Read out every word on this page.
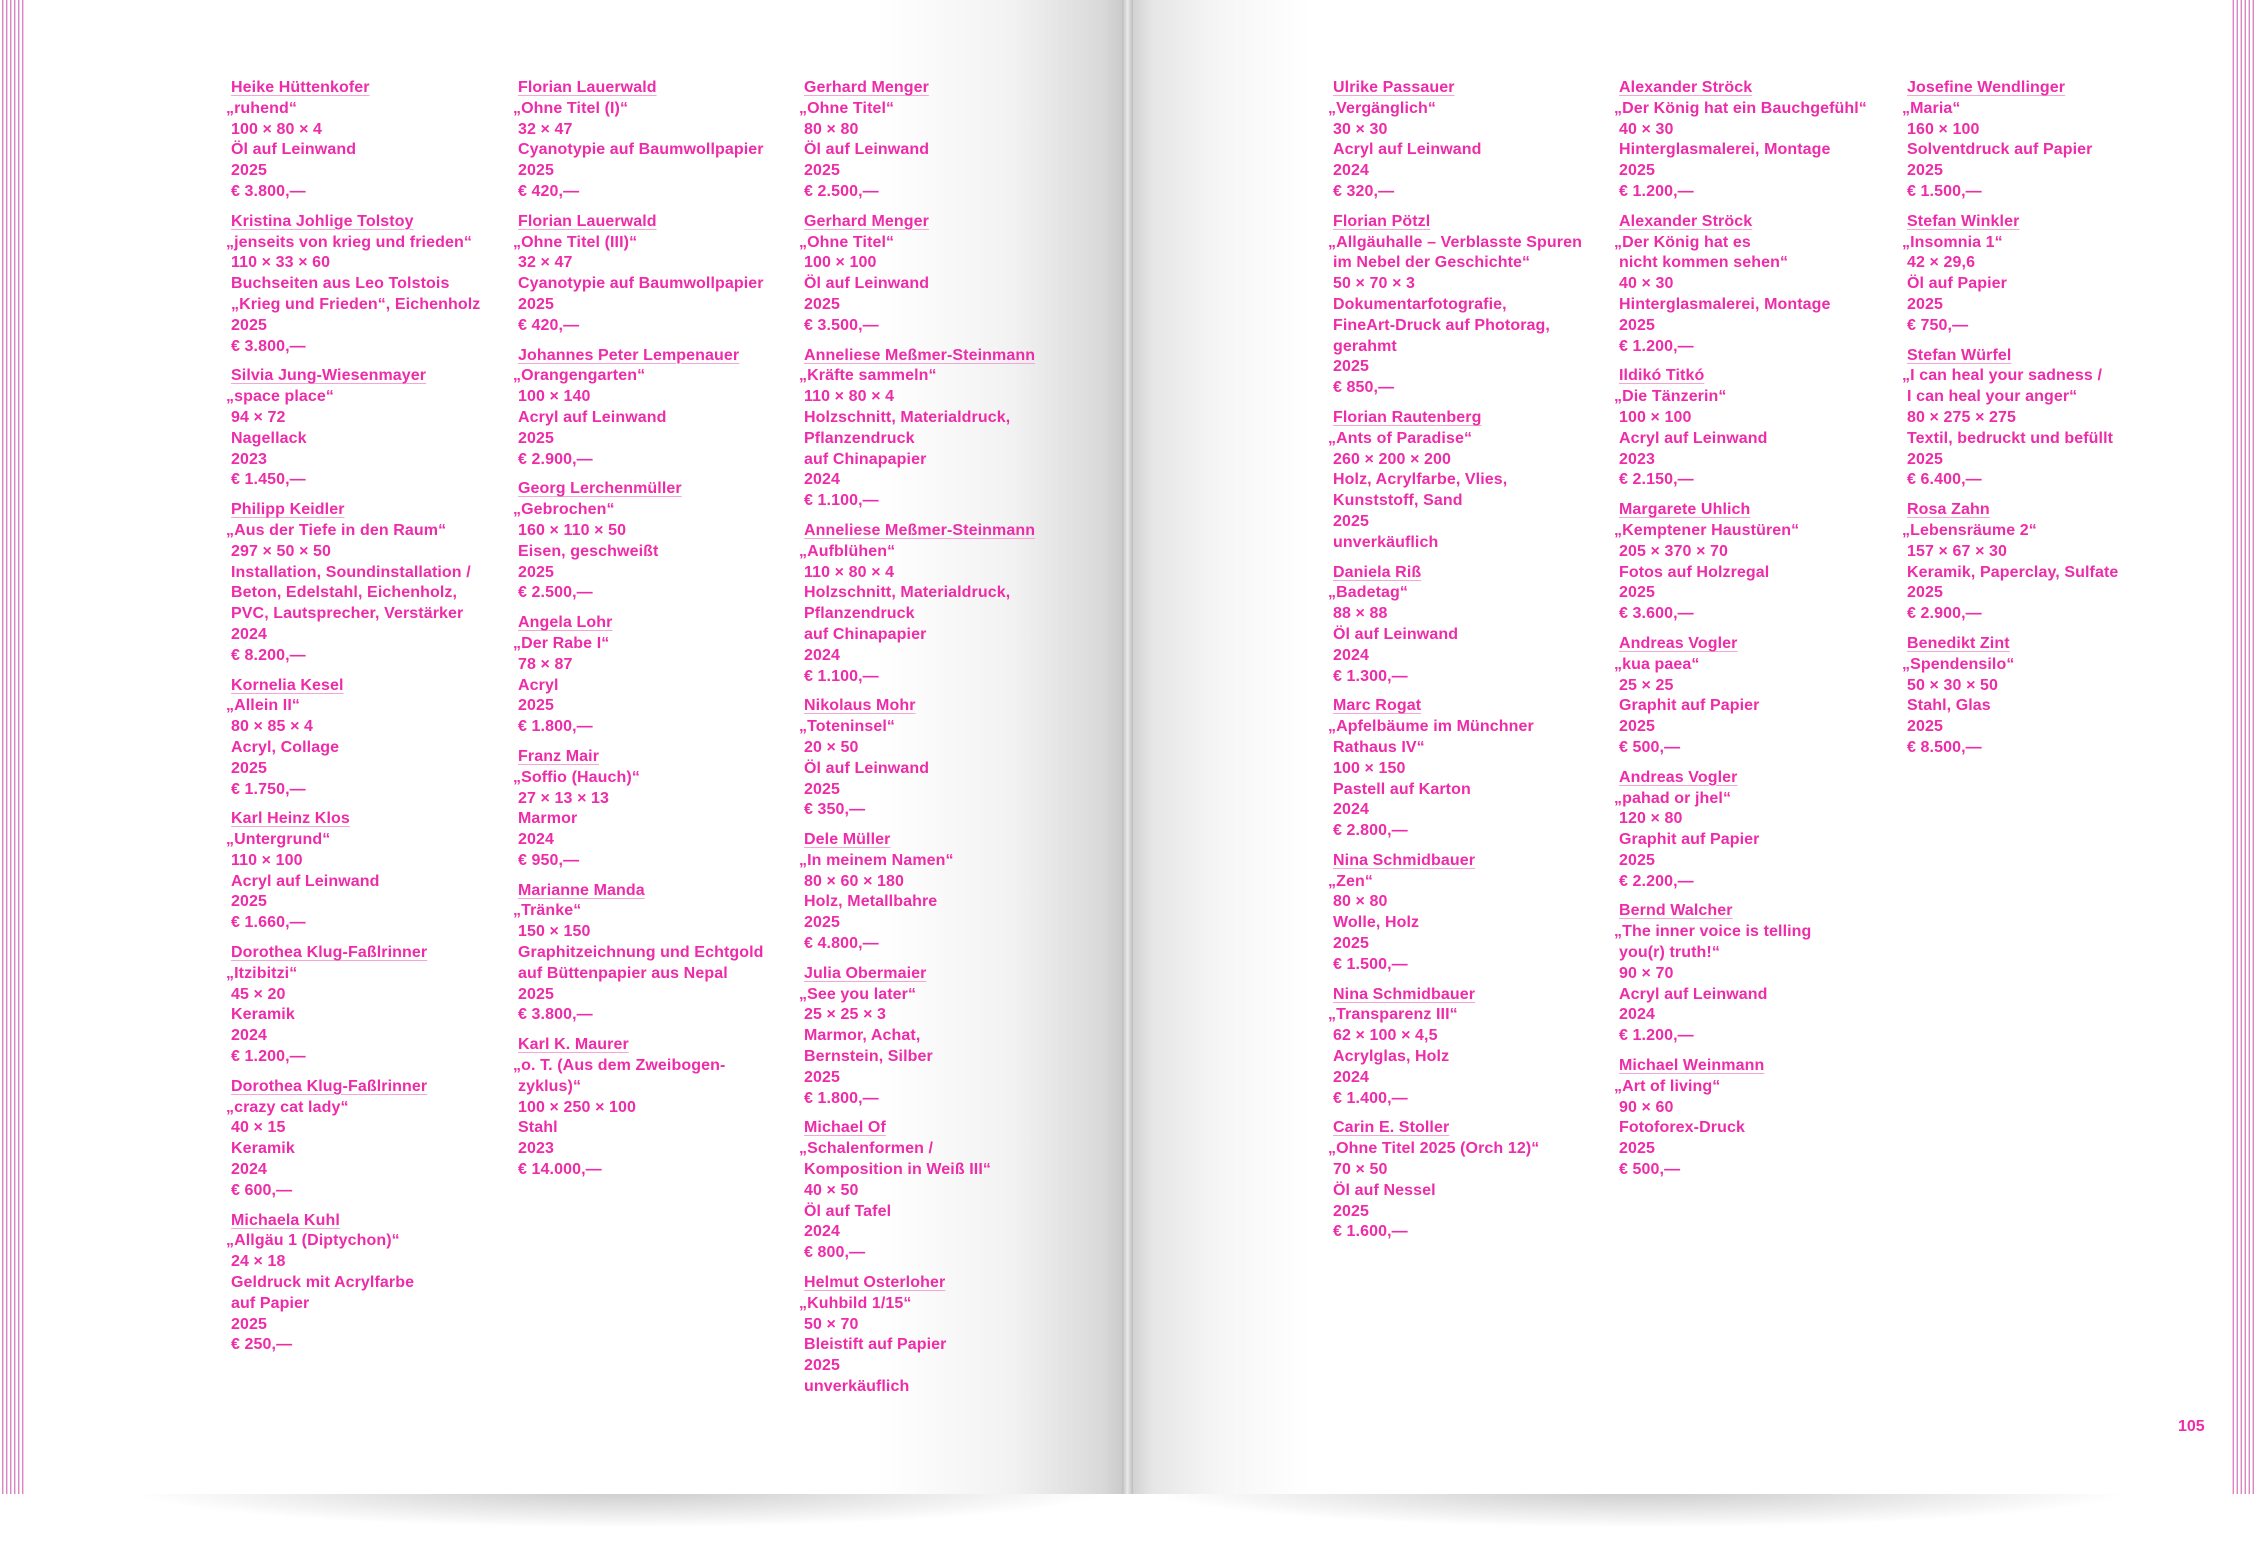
Heike Hüttenkofer
„ruhend“
100 × 80 × 4
Öl auf Leinwand
2025
€ 3.800,—
Kristina Johlige Tolstoy
„jenseits von krieg und frieden“
110 × 33 × 60
Buchseiten aus Leo Tolstois
„Krieg und Frieden“, Eichenholz
2025
€ 3.800,—
Silvia Jung-Wiesenmayer
„space place“
94 × 72
Nagellack
2023
€ 1.450,—
Philipp Keidler
„Aus der Tiefe in den Raum“
297 × 50 × 50
Installation, Soundinstallation /
Beton, Edelstahl, Eichenholz,
PVC, Lautsprecher, Verstärker
2024
€ 8.200,—
Kornelia Kesel
„Allein II“
80 × 85 × 4
Acryl, Collage
2025
€ 1.750,—
Karl Heinz Klos
„Untergrund“
110 × 100
Acryl auf Leinwand
2025
€ 1.660,—
Dorothea Klug-Faßlrinner
„Itzibitzi“
45 × 20
Keramik
2024
€ 1.200,—
Dorothea Klug-Faßlrinner
„crazy cat lady“
40 × 15
Keramik
2024
€ 600,—
Michaela Kuhl
„Allgäu 1 (Diptychon)“
24 × 18
Geldruck mit Acrylfarbe
auf Papier
2025
€ 250,—
Florian Lauerwald
„Ohne Titel (I)“
32 × 47
Cyanotypie auf Baumwollpapier
2025
€ 420,—
Florian Lauerwald
„Ohne Titel (III)“
32 × 47
Cyanotypie auf Baumwollpapier
2025
€ 420,—
Johannes Peter Lempenauer
„Orangengarten“
100 × 140
Acryl auf Leinwand
2025
€ 2.900,—
Georg Lerchenmüller
„Gebrochen“
160 × 110 × 50
Eisen, geschweißt
2025
€ 2.500,—
Angela Lohr
„Der Rabe I“
78 × 87
Acryl
2025
€ 1.800,—
Franz Mair
„Soffio (Hauch)“
27 × 13 × 13
Marmor
2024
€ 950,—
Marianne Manda
„Tränke“
150 × 150
Graphitzeichnung und Echtgold
auf Büttenpapier aus Nepal
2025
€ 3.800,—
Karl K. Maurer
„o. T. (Aus dem Zweibogen-
zyklus)“
100 × 250 × 100
Stahl
2023
€ 14.000,—
Gerhard Menger
„Ohne Titel“
80 × 80
Öl auf Leinwand
2025
€ 2.500,—
Gerhard Menger
„Ohne Titel“
100 × 100
Öl auf Leinwand
2025
€ 3.500,—
Anneliese Meßmer-Steinmann
„Kräfte sammeln“
110 × 80 × 4
Holzschnitt, Materialdruck,
Pflanzendruck
auf Chinapapier
2024
€ 1.100,—
Anneliese Meßmer-Steinmann
„Aufblühen“
110 × 80 × 4
Holzschnitt, Materialdruck,
Pflanzendruck
auf Chinapapier
2024
€ 1.100,—
Nikolaus Mohr
„Toteninsel“
20 × 50
Öl auf Leinwand
2025
€ 350,—
Dele Müller
„In meinem Namen“
80 × 60 × 180
Holz, Metallbahre
2025
€ 4.800,—
Julia Obermaier
„See you later“
25 × 25 × 3
Marmor, Achat,
Bernstein, Silber
2025
€ 1.800,—
Michael Of
„Schalenformen /
Komposition in Weiß III“
40 × 50
Öl auf Tafel
2024
€ 800,—
Helmut Osterloher
„Kuhbild 1/15“
50 × 70
Bleistift auf Papier
2025
unverkäuflich
Ulrike Passauer
„Vergänglich“
30 × 30
Acryl auf Leinwand
2024
€ 320,—
Florian Pötzl
„Allgäuhalle – Verblasste Spuren
im Nebel der Geschichte“
50 × 70 × 3
Dokumentarfotografie,
FineArt-Druck auf Photorag,
gerahmt
2025
€ 850,—
Florian Rautenberg
„Ants of Paradise“
260 × 200 × 200
Holz, Acrylfarbe, Vlies,
Kunststoff, Sand
2025
unverkäuflich
Daniela Riß
„Badetag“
88 × 88
Öl auf Leinwand
2024
€ 1.300,—
Marc Rogat
„Apfelbäume im Münchner
Rathaus IV“
100 × 150
Pastell auf Karton
2024
€ 2.800,—
Nina Schmidbauer
„Zen“
80 × 80
Wolle, Holz
2025
€ 1.500,—
Nina Schmidbauer
„Transparenz III“
62 × 100 × 4,5
Acrylglas, Holz
2024
€ 1.400,—
Carin E. Stoller
„Ohne Titel 2025 (Orch 12)“
70 × 50
Öl auf Nessel
2025
€ 1.600,—
Alexander Ströck
„Der König hat ein Bauchgefühl“
40 × 30
Hinterglasmalerei, Montage
2025
€ 1.200,—
Alexander Ströck
„Der König hat es
nicht kommen sehen“
40 × 30
Hinterglasmalerei, Montage
2025
€ 1.200,—
Ildikó Titkó
„Die Tänzerin“
100 × 100
Acryl auf Leinwand
2023
€ 2.150,—
Margarete Uhlich
„Kemptener Haustüren“
205 × 370 × 70
Fotos auf Holzregal
2025
€ 3.600,—
Andreas Vogler
„kua paea“
25 × 25
Graphit auf Papier
2025
€ 500,—
Andreas Vogler
„pahad or jhel“
120 × 80
Graphit auf Papier
2025
€ 2.200,—
Bernd Walcher
„The inner voice is telling
you(r) truth!“
90 × 70
Acryl auf Leinwand
2024
€ 1.200,—
Michael Weinmann
„Art of living“
90 × 60
Fotoforex-Druck
2025
€ 500,—
Josefine Wendlinger
„Maria“
160 × 100
Solventdruck auf Papier
2025
€ 1.500,—
Stefan Winkler
„Insomnia 1“
42 × 29,6
Öl auf Papier
2025
€ 750,—
Stefan Würfel
„I can heal your sadness /
I can heal your anger“
80 × 275 × 275
Textil, bedruckt und befüllt
2025
€ 6.400,—
Rosa Zahn
„Lebensräume 2“
157 × 67 × 30
Keramik, Paperclay, Sulfate
2025
€ 2.900,—
Benedikt Zint
„Spendensilo“
50 × 30 × 50
Stahl, Glas
2025
€ 8.500,—
105
